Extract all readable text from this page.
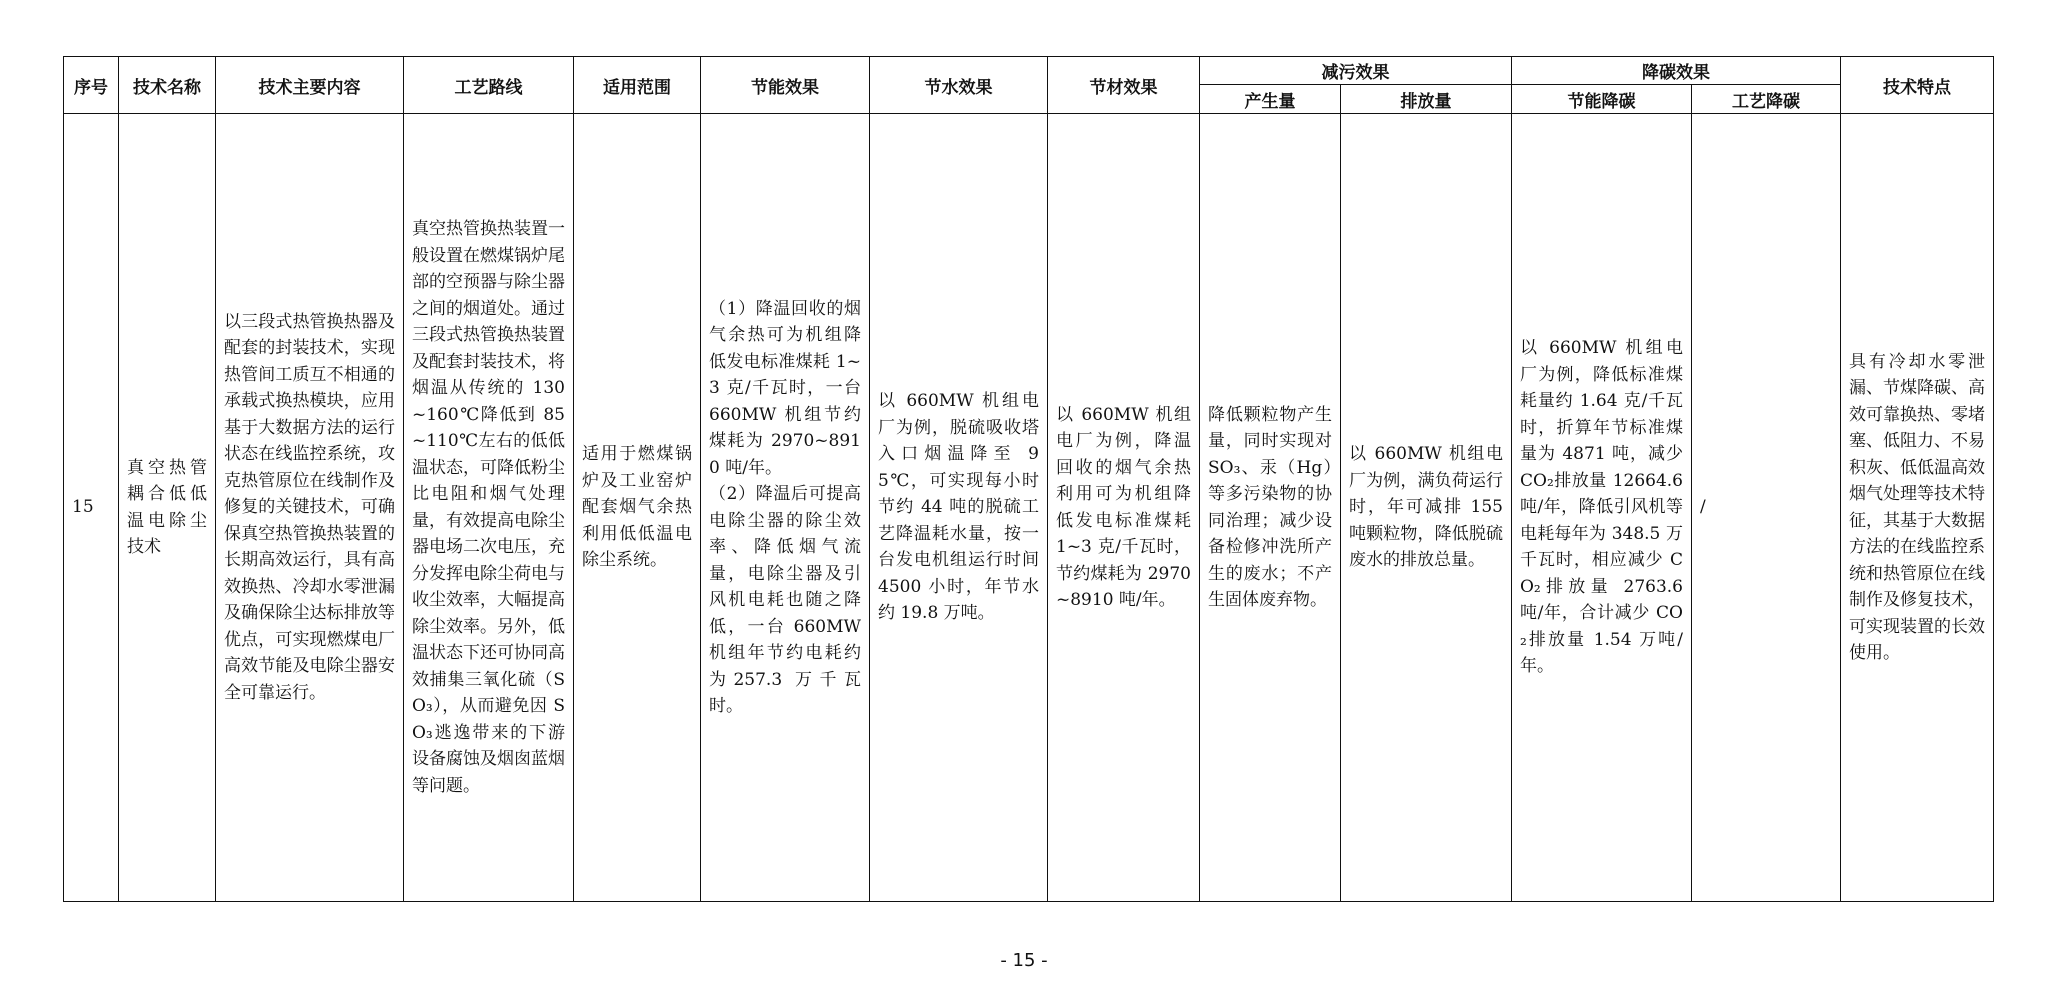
序号	技术名称	技术主要内容	工艺路线	适用范围	节能效果	节水效果	节材效果	减污效果		降碳效果		技术特点
								产生量	排放量	节能降碳	工艺降碳	
15	真空热管耦合低低温电除尘技术	以三段式热管换热器及配套的封装技术，实现热管间工质互不相通的承载式换热模块，应用基于大数据方法的运行状态在线监控系统，攻克热管原位在线制作及修复的关键技术，可确保真空热管换热装置的长期高效运行，具有高效换热、冷却水零泄漏及确保除尘达标排放等优点，可实现燃煤电厂高效节能及电除尘器安全可靠运行。	真空热管换热装置一般设置在燃煤锅炉尾部的空预器与除尘器之间的烟道处。通过三段式热管换热装置及配套封装技术，将烟温从传统的 130~160℃降低到 85~110℃左右的低低温状态，可降低粉尘比电阻和烟气处理量，有效提高电除尘器电场二次电压，充分发挥电除尘荷电与收尘效率，大幅提高除尘效率。另外，低温状态下还可协同高效捕集三氧化硫（SO₃），从而避免因 SO₃逃逸带来的下游设备腐蚀及烟囱蓝烟等问题。	适用于燃煤锅炉及工业窑炉配套烟气余热利用低低温电除尘系统。	（1）降温回收的烟气余热可为机组降低发电标准煤耗 1~3 克/千瓦时，一台 660MW 机组节约煤耗为 2970~8910 吨/年。
（2）降温后可提高电除尘器的除尘效率、降低烟气流量，电除尘器及引风机电耗也随之降低，一台 660MW 机组年节约电耗约为257.3 万千瓦时。	以 660MW 机组电厂为例，脱硫吸收塔入口烟温降至 95℃，可实现每小时节约 44 吨的脱硫工艺降温耗水量，按一台发电机组运行时间 4500 小时，年节水约 19.8 万吨。	以 660MW 机组电厂为例，降温回收的烟气余热利用可为机组降低发电标准煤耗 1~3 克/千瓦时，节约煤耗为 2970~8910 吨/年。	降低颗粒物产生量，同时实现对 SO₃、汞（Hg）等多污染物的协同治理；减少设备检修冲洗所产生的废水；不产生固体废弃物。	以 660MW 机组电厂为例，满负荷运行时，年可减排 155 吨颗粒物，降低脱硫废水的排放总量。	以 660MW 机组电厂为例，降低标准煤耗量约 1.64 克/千瓦时，折算年节标准煤量为 4871 吨，减少 CO₂排放量 12664.6 吨/年，降低引风机等电耗每年为 348.5 万千瓦时，相应减少 CO₂排放量 2763.6 吨/年，合计减少 CO₂排放量 1.54 万吨/年。	/	具有冷却水零泄漏、节煤降碳、高效可靠换热、零堵塞、低阻力、不易积灰、低低温高效烟气处理等技术特征，其基于大数据方法的在线监控系统和热管原位在线制作及修复技术，可实现装置的长效使用。
- 15 -
